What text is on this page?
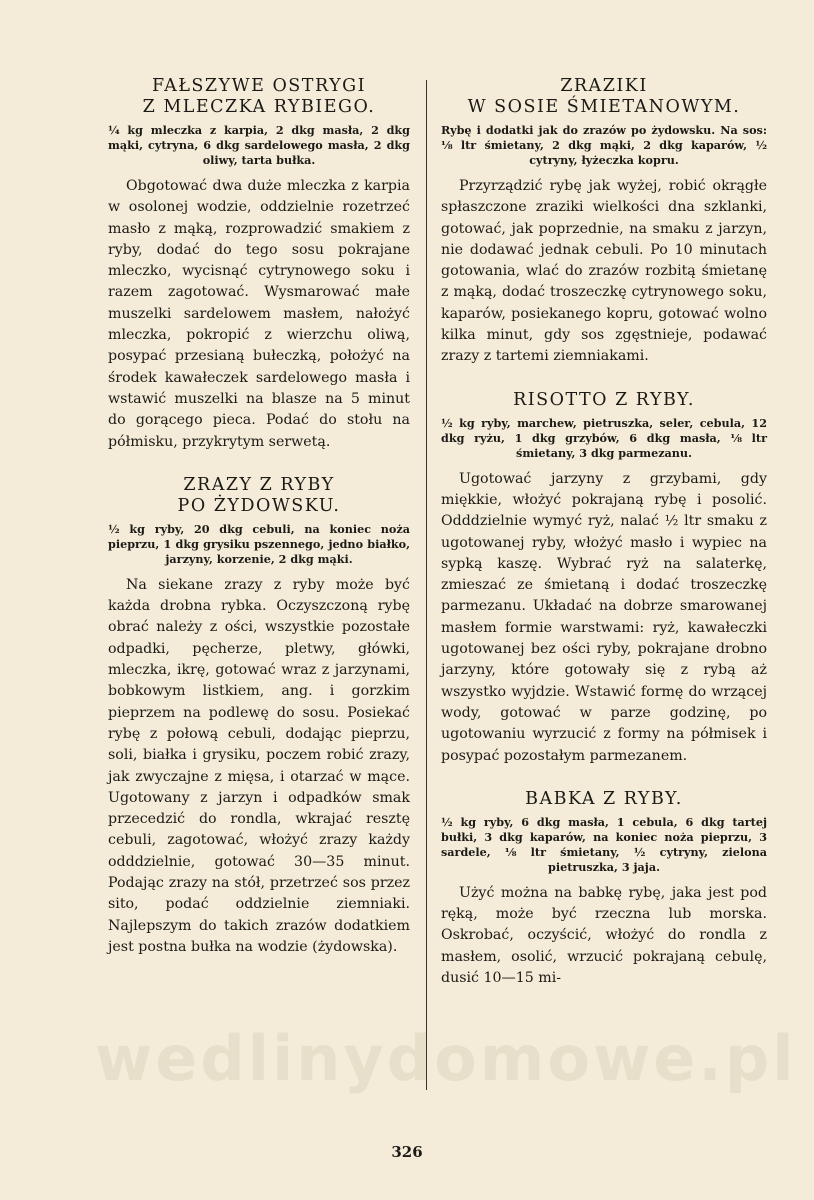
FAŁSZYWE OSTRYGI
Z MLECZKA RYBIEGO.

¼ kg mleczka z karpia, 2 dkg masła, 2 dkg mąki, cytryna, 6 dkg sardelowego masła, 2 dkg oliwy, tarta bułka.

Obgotować dwa duże mleczka z karpia w osolonej wodzie, oddzielnie rozetrzeć masło z mąką, rozprowadzić smakiem z ryby, dodać do tego sosu pokrajane mleczko, wycisnąć cytrynowego soku i razem zagotować. Wysmarować małe muszelki sardelowem masłem, nałożyć mleczka, pokropić z wierzchu oliwą, posypać przesianą bułeczką, położyć na środek kawałeczek sardelowego masła i wstawić muszelki na blasze na 5 minut do gorącego pieca. Podać do stołu na półmisku, przykrytym serwetą.

ZRAZY Z RYBY
PO ŻYDOWSKU.

½ kg ryby, 20 dkg cebuli, na koniec noża pieprzu, 1 dkg grysiku pszennego, jedno białko, jarzyny, korzenie, 2 dkg mąki.

Na siekane zrazy z ryby może być każda drobna rybka. Oczyszczoną rybę obrać należy z ości, wszystkie pozostałe odpadki, pęcherze, pletwy, główki, mleczka, ikrę, gotować wraz z jarzynami, bobkowym listkiem, ang. i gorzkim pieprzem na podlewę do sosu. Posiekać rybę z połową cebuli, dodając pieprzu, soli, białka i grysiku, poczem robić zrazy, jak zwyczajne z mięsa, i otarzać w mące. Ugotowany z jarzyn i odpadków smak przecedzić do rondla, wkrajać resztę cebuli, zagotować, włożyć zrazy każdy odddzielnie, gotować 30—35 minut. Podając zrazy na stół, przetrzeć sos przez sito, podać oddzielnie ziemniaki. Najlepszym do takich zrazów dodatkiem jest postna bułka na wodzie (żydowska).

ZRAZIKI
W SOSIE ŚMIETANOWYM.

Rybę i dodatki jak do zrazów po żydowsku. Na sos: ⅛ ltr śmietany, 2 dkg mąki, 2 dkg kaparów, ½ cytryny, łyżeczka kopru.

Przyrządzić rybę jak wyżej, robić okrągłe spłaszczone zraziki wielkości dna szklanki, gotować, jak poprzednie, na smaku z jarzyn, nie dodawać jednak cebuli. Po 10 minutach gotowania, wlać do zrazów rozbitą śmietanę z mąką, dodać troszeczkę cytrynowego soku, kaparów, posiekanego kopru, gotować wolno kilka minut, gdy sos zgęstnieje, podawać zrazy z tartemi ziemniakami.

RISOTTO Z RYBY.

½ kg ryby, marchew, pietruszka, seler, cebula, 12 dkg ryżu, 1 dkg grzybów, 6 dkg masła, ⅛ ltr śmietany, 3 dkg parmezanu.

Ugotować jarzyny z grzybami, gdy miękkie, włożyć pokrajaną rybę i posolić. Odddzielnie wymyć ryż, nalać ½ ltr smaku z ugotowanej ryby, włożyć masło i wypiec na sypką kaszę. Wybrać ryż na salaterkę, zmieszać ze śmietaną i dodać troszeczkę parmezanu. Układać na dobrze smarowanej masłem formie warstwami: ryż, kawałeczki ugotowanej bez ości ryby, pokrajane drobno jarzyny, które gotowały się z rybą aż wszystko wyjdzie. Wstawić formę do wrzącej wody, gotować w parze godzinę, po ugotowaniu wyrzucić z formy na półmisek i posypać pozostałym parmezanem.

BABKA Z RYBY.

½ kg ryby, 6 dkg masła, 1 cebula, 6 dkg tartej bułki, 3 dkg kaparów, na koniec noża pieprzu, 3 sardele, ⅛ ltr śmietany, ½ cytryny, zielona pietruszka, 3 jaja.

Użyć można na babkę rybę, jaka jest pod ręką, może być rzeczna lub morska. Oskrobać, oczyścić, włożyć do rondla z masłem, osolić, wrzucić pokrajaną cebulę, dusić 10—15 mi-

wedlinydomowe.pl
326
